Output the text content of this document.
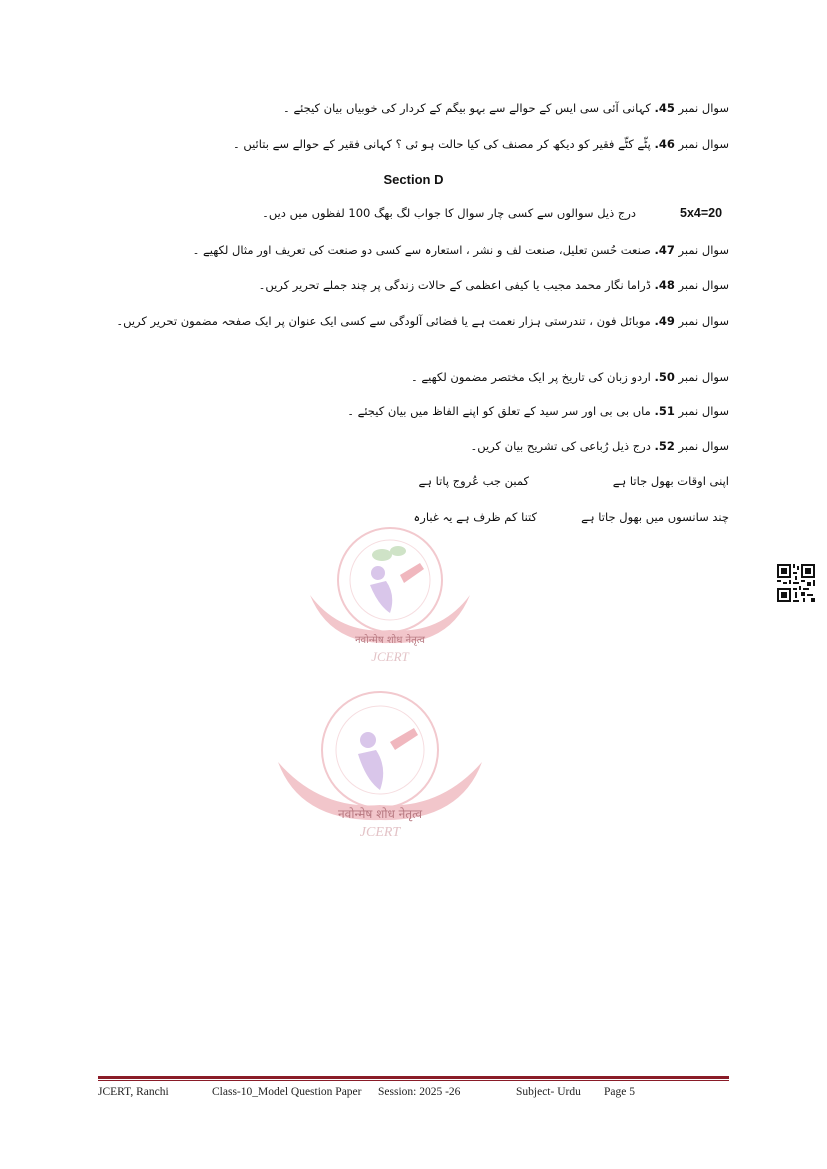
नवोन्मेष शोध नेतृत्व
JCERT
नवोन्मेष शोध नेतृत्व
JCERT
سوال نمبر 45. کہانی آئی سی ایس کے حوالے سے بہو بیگم کے کردار کی خوبیاں بیان کیجئے ۔
سوال نمبر 46. پٹّے کٹّے فقیر کو دیکھ کر مصنف کی کیا حالت ہو ئی ؟ کہانی فقیر کے حوالے سے بتائیں ۔
Section D
5x4=20
درج ذیل سوالوں سے کسی چار سوال کا جواب لگ بھگ 100 لفظوں میں دیں۔
سوال نمبر 47. صنعت حُسن تعلیل، صنعت لف و نشر ، استعارہ سے کسی دو صنعت کی تعریف اور مثال لکھیے ۔
سوال نمبر 48. ڈراما نگار محمد مجیب یا کیفی اعظمی کے حالات زندگی پر چند جملے تحریر کریں۔
سوال نمبر 49. موبائل فون ، تندرستی ہزار نعمت ہے یا فضائی آلودگی سے کسی ایک عنوان پر ایک صفحہ مضمون تحریر کریں۔
سوال نمبر 50. اردو زبان کی تاریخ پر ایک مختصر مضمون لکھیے ۔
سوال نمبر 51. ماں بی بی اور سر سید کے تعلق کو اپنے الفاظ میں بیان کیجئے ۔
سوال نمبر 52. درج ذیل رُباعی کی تشریح بیان کریں۔
اپنی اوقات بھول جاتا ہے
کمبن جب عُروج پاتا ہے
چند سانسوں میں بھول جاتا ہے
کتنا کم ظرف ہے یہ غبارہ
JCERT, Ranchi	Class-10_Model Question Paper Session: 2025 -26	Subject- Urdu Page 5
